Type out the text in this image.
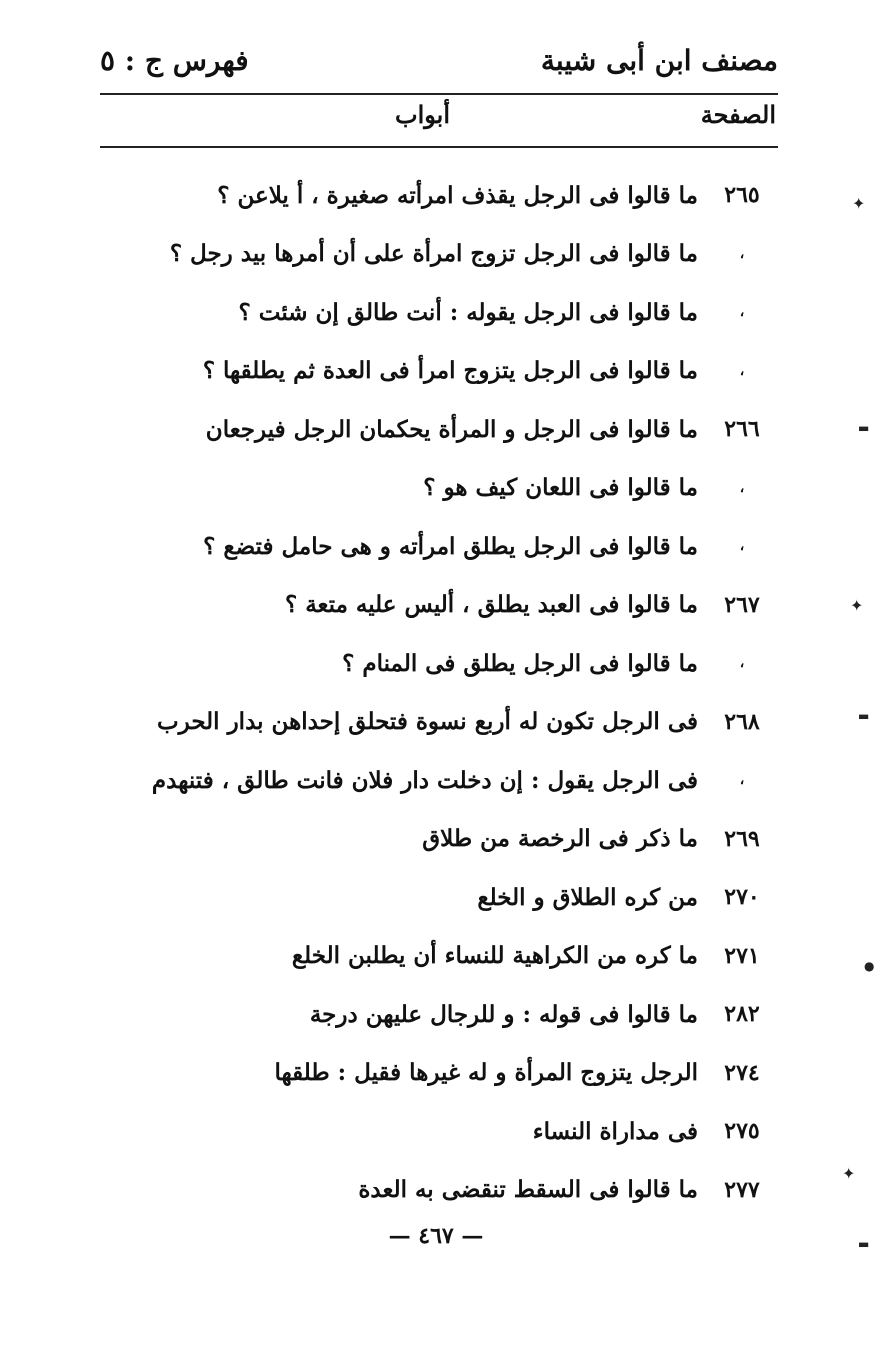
مصنف ابن أبى شيبة
فهرس ج : ٥
الصفحة
أبواب
٢٦٥
ما قالوا فى الرجل يقذف امرأته صغيرة ، أ يلاعن ؟
،
ما قالوا فى الرجل تزوج امرأة على أن أمرها بيد رجل ؟
،
ما قالوا فى الرجل يقوله : أنت طالق إن شئت ؟
،
ما قالوا فى الرجل يتزوج امرأ فى العدة ثم يطلقها ؟
٢٦٦
ما قالوا فى الرجل و المرأة يحكمان الرجل فيرجعان
،
ما قالوا فى اللعان كيف هو ؟
،
ما قالوا فى الرجل يطلق امرأته و هى حامل فتضع ؟
٢٦٧
ما قالوا فى العبد يطلق ، أليس عليه متعة ؟
،
ما قالوا فى الرجل يطلق فى المنام ؟
٢٦٨
فى الرجل تكون له أربع نسوة فتحلق إحداهن بدار الحرب
،
فى الرجل يقول : إن دخلت دار فلان فانت طالق ، فتنهدم
٢٦٩
ما ذكر فى الرخصة من طلاق
٢٧٠
من كره الطلاق و الخلع
٢٧١
ما كره من الكراهية للنساء أن يطلبن الخلع
٢٨٢
ما قالوا فى قوله : و للرجال عليهن درجة
٢٧٤
الرجل يتزوج المرأة و له غيرها فقيل : طلقها
٢٧٥
فى مداراة النساء
٢٧٧
ما قالوا فى السقط تنقضى به العدة
— ٤٦٧ —
✦
▬
✦
▬
●
✦
▬
